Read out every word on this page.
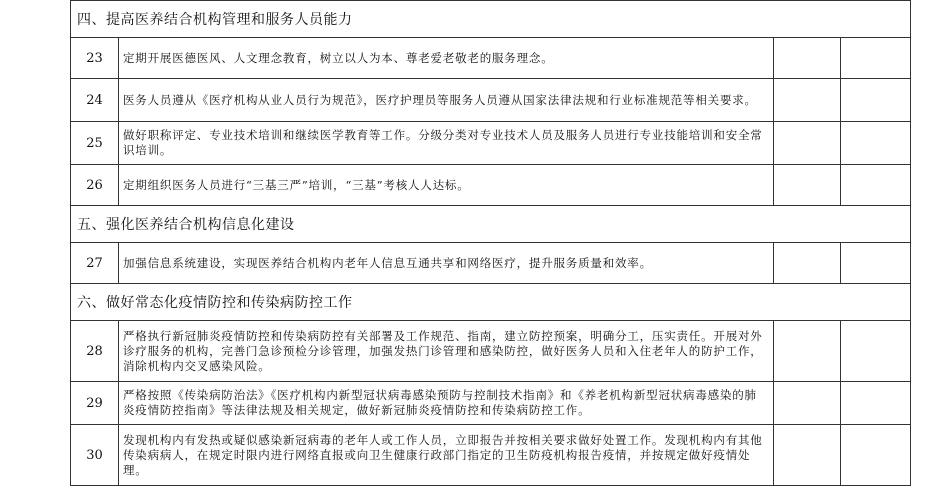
四、提高医养结合机构管理和服务人员能力			
23	定期开展医德医风、人文理念教育，树立以人为本、尊老爱老敬老的服务理念。		
24	医务人员遵从《医疗机构从业人员行为规范》，医疗护理员等服务人员遵从国家法律法规和行业标准规范等相关要求。		
25	做好职称评定、专业技术培训和继续医学教育等工作。分级分类对专业技术人员及服务人员进行专业技能培训和安全常识培训。		
26	定期组织医务人员进行“三基三严”培训，“三基”考核人人达标。		
五、强化医养结合机构信息化建设			
27	加强信息系统建设，实现医养结合机构内老年人信息互通共享和网络医疗，提升服务质量和效率。		
六、做好常态化疫情防控和传染病防控工作			
28	严格执行新冠肺炎疫情防控和传染病防控有关部署及工作规范、指南，建立防控预案，明确分工，压实责任。开展对外诊疗服务的机构，完善门急诊预检分诊管理，加强发热门诊管理和感染防控，做好医务人员和入住老年人的防护工作，消除机构内交叉感染风险。		
29	严格按照《传染病防治法》《医疗机构内新型冠状病毒感染预防与控制技术指南》和《养老机构新型冠状病毒感染的肺炎疫情防控指南》等法律法规及相关规定，做好新冠肺炎疫情防控和传染病防控工作。		
30	发现机构内有发热或疑似感染新冠病毒的老年人或工作人员，立即报告并按相关要求做好处置工作。发现机构内有其他传染病病人，在规定时限内进行网络直报或向卫生健康行政部门指定的卫生防疫机构报告疫情，并按规定做好疫情处理。		
